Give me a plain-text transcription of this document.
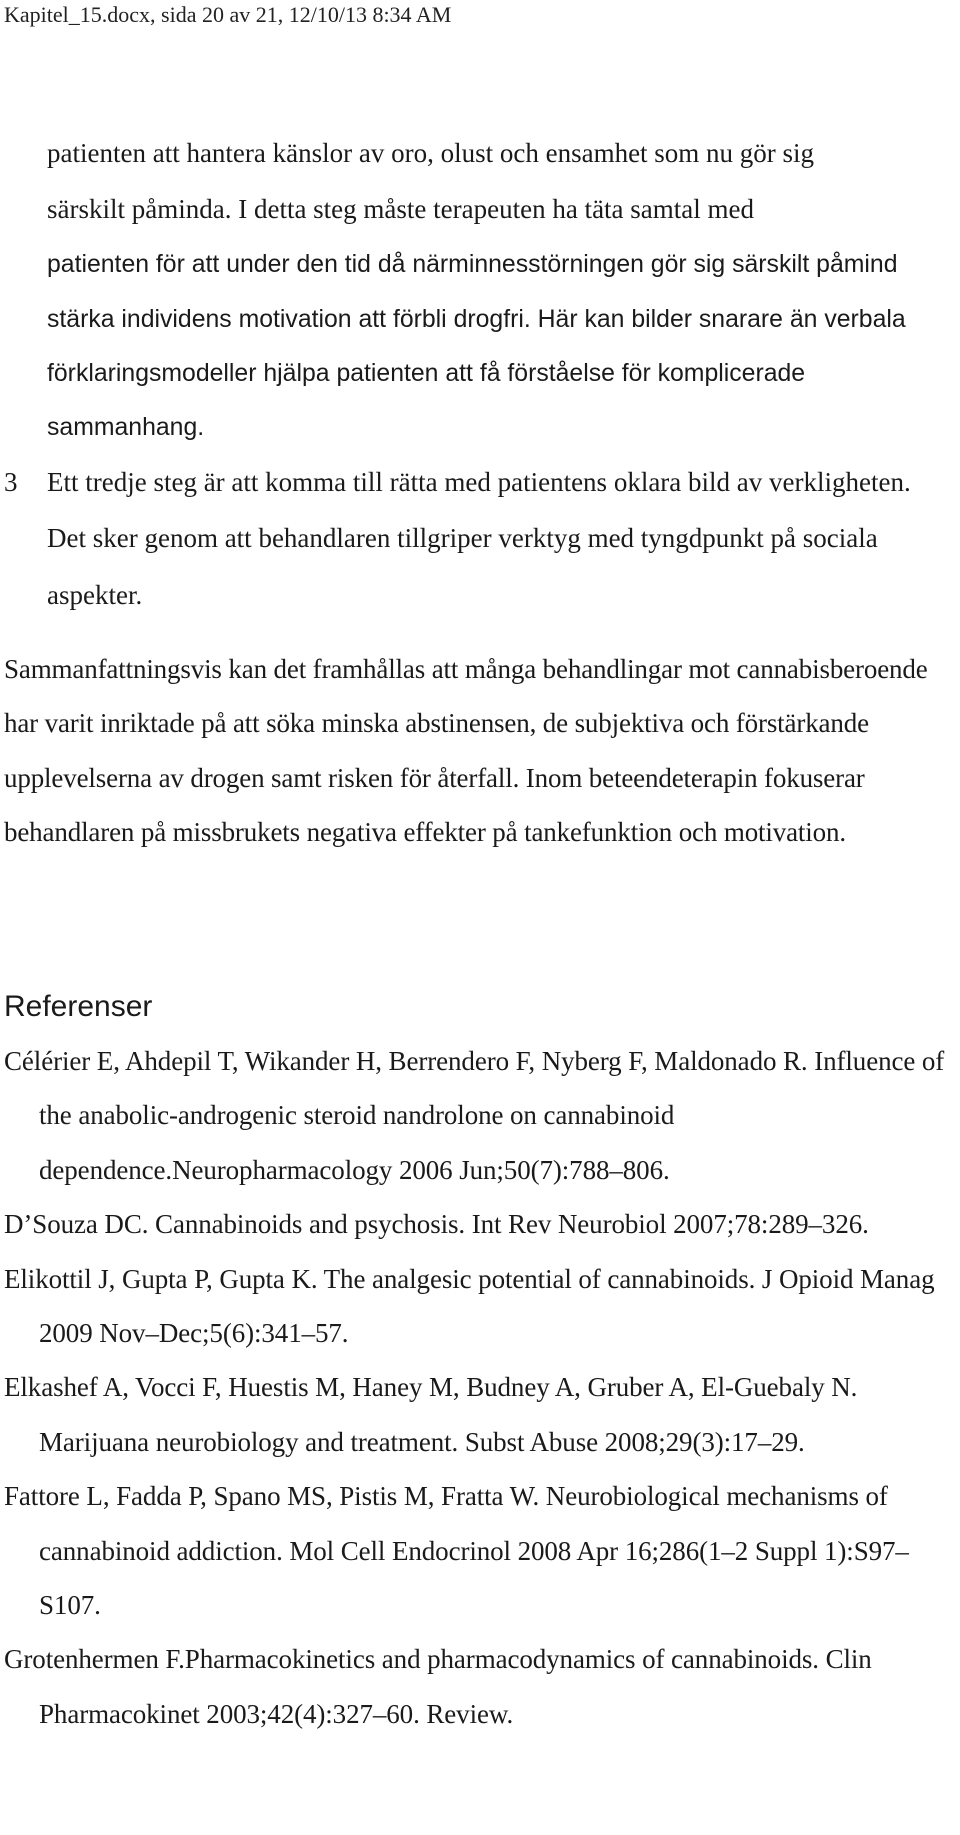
Kapitel_15.docx, sida 20 av 21, 12/10/13 8:34 AM

patienten att hantera känslor av oro, olust och ensamhet som nu gör sig
särskilt påminda. I detta steg måste terapeuten ha täta samtal med
patienten för att under den tid då närminnesstörningen gör sig särskilt påmind stärka individens motivation att förbli drogfri. Här kan bilder snarare än verbala förklaringsmodeller hjälpa patienten att få förståelse för komplicerade sammanhang.

3 Ett tredje steg är att komma till rätta med patientens oklara bild av verkligheten. Det sker genom att behandlaren tillgriper verktyg med tyngdpunkt på sociala aspekter.

Sammanfattningsvis kan det framhållas att många behandlingar mot cannabisberoende har varit inriktade på att söka minska abstinensen, de subjektiva och förstärkande upplevelserna av drogen samt risken för återfall. Inom beteendeterapin fokuserar behandlaren på missbrukets negativa effekter på tankefunktion och motivation.

Referenser
Célérier E, Ahdepil T, Wikander H, Berrendero F, Nyberg F, Maldonado R. Influence of the anabolic-androgenic steroid nandrolone on cannabinoid dependence.Neuropharmacology 2006 Jun;50(7):788–806.
D’Souza DC. Cannabinoids and psychosis. Int Rev Neurobiol 2007;78:289–326.
Elikottil J, Gupta P, Gupta K. The analgesic potential of cannabinoids. J Opioid Manag 2009 Nov–Dec;5(6):341–57.
Elkashef A, Vocci F, Huestis M, Haney M, Budney A, Gruber A, El-Guebaly N. Marijuana neurobiology and treatment. Subst Abuse 2008;29(3):17–29.
Fattore L, Fadda P, Spano MS, Pistis M, Fratta W. Neurobiological mechanisms of cannabinoid addiction. Mol Cell Endocrinol 2008 Apr 16;286(1–2 Suppl 1):S97–S107.
Grotenhermen F.Pharmacokinetics and pharmacodynamics of cannabinoids. Clin Pharmacokinet 2003;42(4):327–60. Review.
